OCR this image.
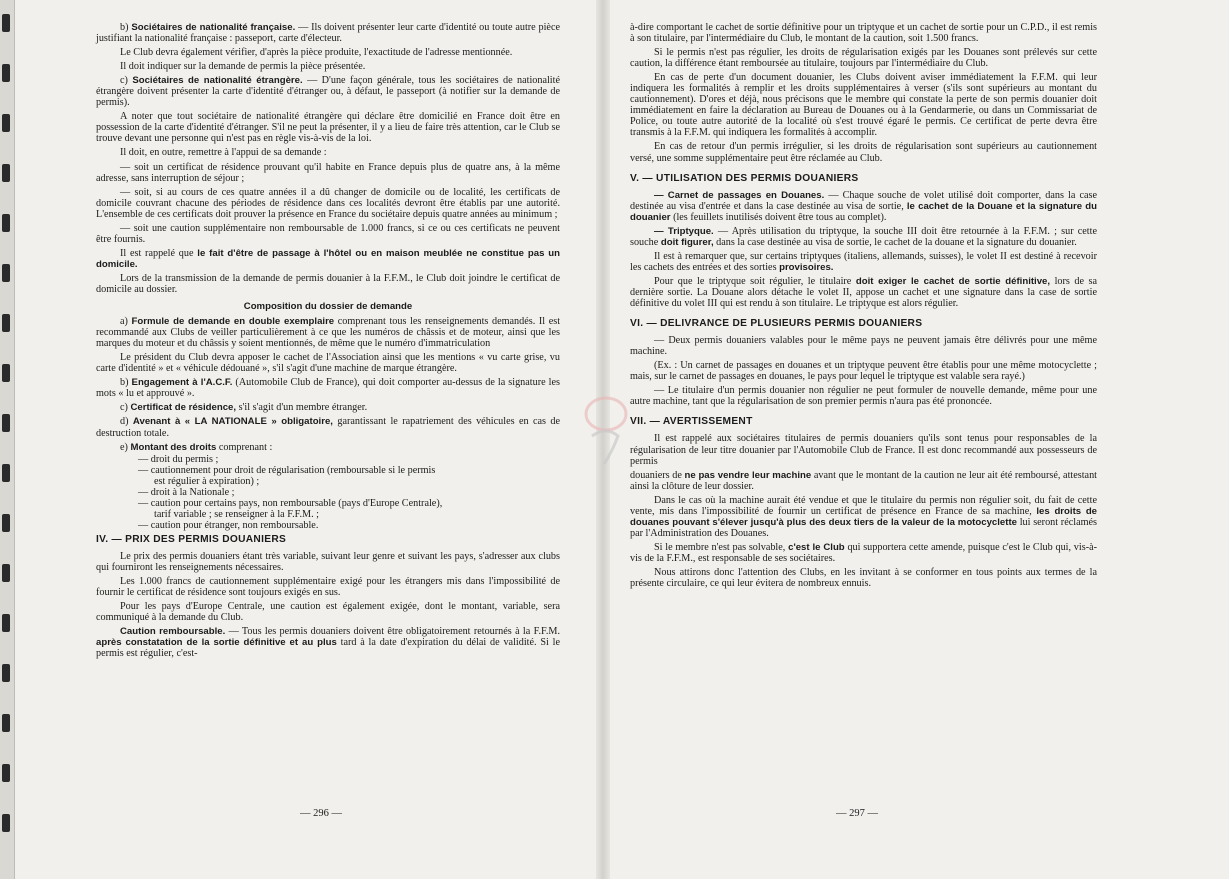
b) Sociétaires de nationalité française. — Ils doivent présenter leur carte d'identité ou toute autre pièce justifiant la nationalité française : passeport, carte d'électeur.

Le Club devra également vérifier, d'après la pièce produite, l'exactitude de l'adresse mentionnée.

Il doit indiquer sur la demande de permis la pièce présentée.

c) Sociétaires de nationalité étrangère. — D'une façon générale, tous les sociétaires de nationalité étrangère doivent présenter la carte d'identité d'étranger ou, à défaut, le passeport (à notifier sur la demande de permis).

A noter que tout sociétaire de nationalité étrangère qui déclare être domicilié en France doit être en possession de la carte d'identité d'étranger. S'il ne peut la présenter, il y a lieu de faire très attention, car le Club se trouve devant une personne qui n'est pas en règle vis-à-vis de la loi.

Il doit, en outre, remettre à l'appui de sa demande :

— soit un certificat de résidence prouvant qu'il habite en France depuis plus de quatre ans, à la même adresse, sans interruption de séjour ;

— soit, si au cours de ces quatre années il a dû changer de domicile ou de localité, les certificats de domicile couvrant chacune des périodes de résidence dans ces localités devront être établis par une autorité. L'ensemble de ces certificats doit prouver la présence en France du sociétaire depuis quatre années au minimum ;

— soit une caution supplémentaire non remboursable de 1.000 francs, si ce ou ces certificats ne peuvent être fournis.

Il est rappelé que le fait d'être de passage à l'hôtel ou en maison meublée ne constitue pas un domicile.

Lors de la transmission de la demande de permis douanier à la F.F.M., le Club doit joindre le certificat de domicile au dossier.

Composition du dossier de demande

a) Formule de demande en double exemplaire comprenant tous les renseignements demandés. Il est recommandé aux Clubs de veiller particulièrement à ce que les numéros de châssis et de moteur, ainsi que les marques du moteur et du châssis y soient mentionnés, de même que le numéro d'immatriculation

Le président du Club devra apposer le cachet de l'Association ainsi que les mentions « vu carte grise, vu carte d'identité » et « véhicule dédouané », s'il s'agit d'une machine de marque étrangère.

b) Engagement à l'A.C.F. (Automobile Club de France), qui doit comporter au-dessus de la signature les mots « lu et approuvé ».

c) Certificat de résidence, s'il s'agit d'un membre étranger.

d) Avenant à « LA NATIONALE » obligatoire, garantissant le rapatriement des véhicules en cas de destruction totale.

e) Montant des droits comprenant :

— droit du permis ;

— cautionnement pour droit de régularisation (remboursable si le permis

est régulier à expiration) ;

— droit à la Nationale ;

— caution pour certains pays, non remboursable (pays d'Europe Centrale),

tarif variable ; se renseigner à la F.F.M. ;

— caution pour étranger, non remboursable.

IV. — PRIX DES PERMIS DOUANIERS

Le prix des permis douaniers étant très variable, suivant leur genre et suivant les pays, s'adresser aux clubs qui fourniront les renseignements nécessaires.

Les 1.000 francs de cautionnement supplémentaire exigé pour les étrangers mis dans l'impossibilité de fournir le certificat de résidence sont toujours exigés en sus.

Pour les pays d'Europe Centrale, une caution est également exigée, dont le montant, variable, sera communiqué à la demande du Club.

Caution remboursable. — Tous les permis douaniers doivent être obligatoirement retournés à la F.F.M. après constatation de la sortie définitive et au plus tard à la date d'expiration du délai de validité. Si le permis est régulier, c'est-

— 296 —

à-dire comportant le cachet de sortie définitive pour un triptyque et un cachet de sortie pour un C.P.D., il est remis à son titulaire, par l'intermédiaire du Club, le montant de la caution, soit 1.500 francs.

Si le permis n'est pas régulier, les droits de régularisation exigés par les Douanes sont prélevés sur cette caution, la différence étant remboursée au titulaire, toujours par l'intermédiaire du Club.

En cas de perte d'un document douanier, les Clubs doivent aviser immédiatement la F.F.M. qui leur indiquera les formalités à remplir et les droits supplémentaires à verser (s'ils sont supérieurs au montant du cautionnement). D'ores et déjà, nous précisons que le membre qui constate la perte de son permis douanier doit immédiatement en faire la déclaration au Bureau de Douanes ou à la Gendarmerie, ou dans un Commissariat de Police, ou toute autre autorité de la localité où s'est trouvé égaré le permis. Ce certificat de perte devra être transmis à la F.F.M. qui indiquera les formalités à accomplir.

En cas de retour d'un permis irrégulier, si les droits de régularisation sont supérieurs au cautionnement versé, une somme supplémentaire peut être réclamée au Club.

V. — UTILISATION DES PERMIS DOUANIERS

— Carnet de passages en Douanes. — Chaque souche de volet utilisé doit comporter, dans la case destinée au visa d'entrée et dans la case destinée au visa de sortie, le cachet de la Douane et la signature du douanier (les feuillets inutilisés doivent être tous au complet).

— Triptyque. — Après utilisation du triptyque, la souche III doit être retournée à la F.F.M. ; sur cette souche doit figurer, dans la case destinée au visa de sortie, le cachet de la douane et la signature du douanier.

Il est à remarquer que, sur certains triptyques (italiens, allemands, suisses), le volet II est destiné à recevoir les cachets des entrées et des sorties provisoires.

Pour que le triptyque soit régulier, le titulaire doit exiger le cachet de sortie définitive, lors de sa dernière sortie. La Douane alors détache le volet II, appose un cachet et une signature dans la case de sortie définitive du volet III qui est rendu à son titulaire. Le triptyque est alors régulier.

VI. — DELIVRANCE DE PLUSIEURS PERMIS DOUANIERS

— Deux permis douaniers valables pour le même pays ne peuvent jamais être délivrés pour une même machine.

(Ex. : Un carnet de passages en douanes et un triptyque peuvent être établis pour une même motocyclette ; mais, sur le carnet de passages en douanes, le pays pour lequel le triptyque est valable sera rayé.)

— Le titulaire d'un permis douanier non régulier ne peut formuler de nouvelle demande, même pour une autre machine, tant que la régularisation de son premier permis n'aura pas été prononcée.

VII. — AVERTISSEMENT

Il est rappelé aux sociétaires titulaires de permis douaniers qu'ils sont tenus pour responsables de la régularisation de leur titre douanier par l'Automobile Club de France. Il est donc recommandé aux possesseurs de permis

douaniers de ne pas vendre leur machine avant que le montant de la caution ne leur ait été remboursé, attestant ainsi la clôture de leur dossier.

Dans le cas où la machine aurait été vendue et que le titulaire du permis non régulier soit, du fait de cette vente, mis dans l'impossibilité de fournir un certificat de présence en France de sa machine, les droits de douanes pouvant s'élever jusqu'à plus des deux tiers de la valeur de la motocyclette lui seront réclamés par l'Administration des Douanes.

Si le membre n'est pas solvable, c'est le Club qui supportera cette amende, puisque c'est le Club qui, vis-à-vis de la F.F.M., est responsable de ses sociétaires.

Nous attirons donc l'attention des Clubs, en les invitant à se conformer en tous points aux termes de la présente circulaire, ce qui leur évitera de nombreux ennuis.

— 297 —
